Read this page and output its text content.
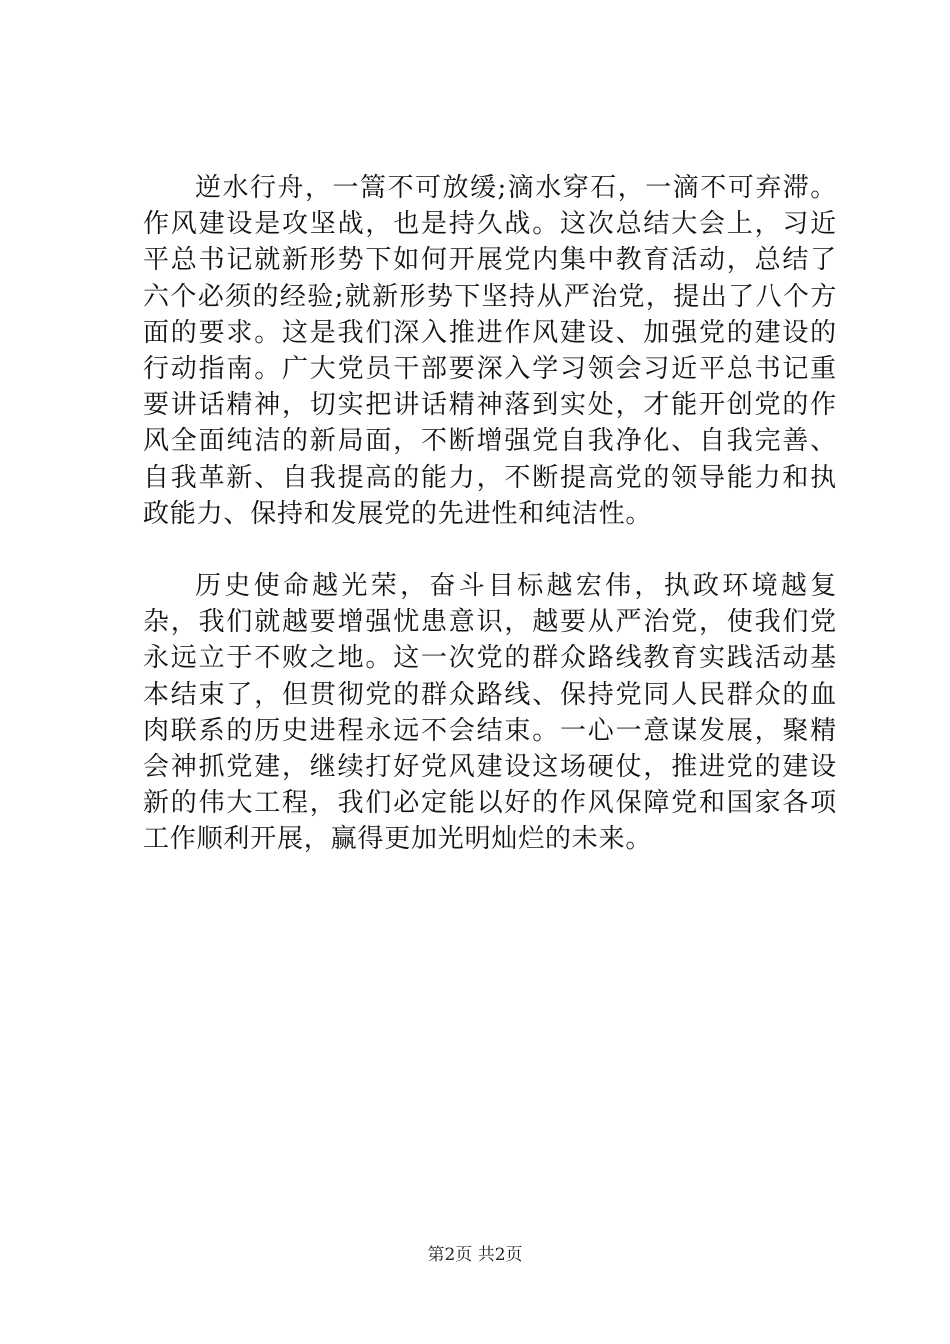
逆水行舟，一篙不可放缓;滴水穿石，一滴不可弃滞。作风建设是攻坚战，也是持久战。这次总结大会上，习近平总书记就新形势下如何开展党内集中教育活动，总结了六个必须的经验;就新形势下坚持从严治党，提出了八个方面的要求。这是我们深入推进作风建设、加强党的建设的行动指南。广大党员干部要深入学习领会习近平总书记重要讲话精神，切实把讲话精神落到实处，才能开创党的作风全面纯洁的新局面，不断增强党自我净化、自我完善、自我革新、自我提高的能力，不断提高党的领导能力和执政能力、保持和发展党的先进性和纯洁性。

历史使命越光荣，奋斗目标越宏伟，执政环境越复杂，我们就越要增强忧患意识，越要从严治党，使我们党永远立于不败之地。这一次党的群众路线教育实践活动基本结束了，但贯彻党的群众路线、保持党同人民群众的血肉联系的历史进程永远不会结束。一心一意谋发展，聚精会神抓党建，继续打好党风建设这场硬仗，推进党的建设新的伟大工程，我们必定能以好的作风保障党和国家各项工作顺利开展，赢得更加光明灿烂的未来。

第2页 共2页
